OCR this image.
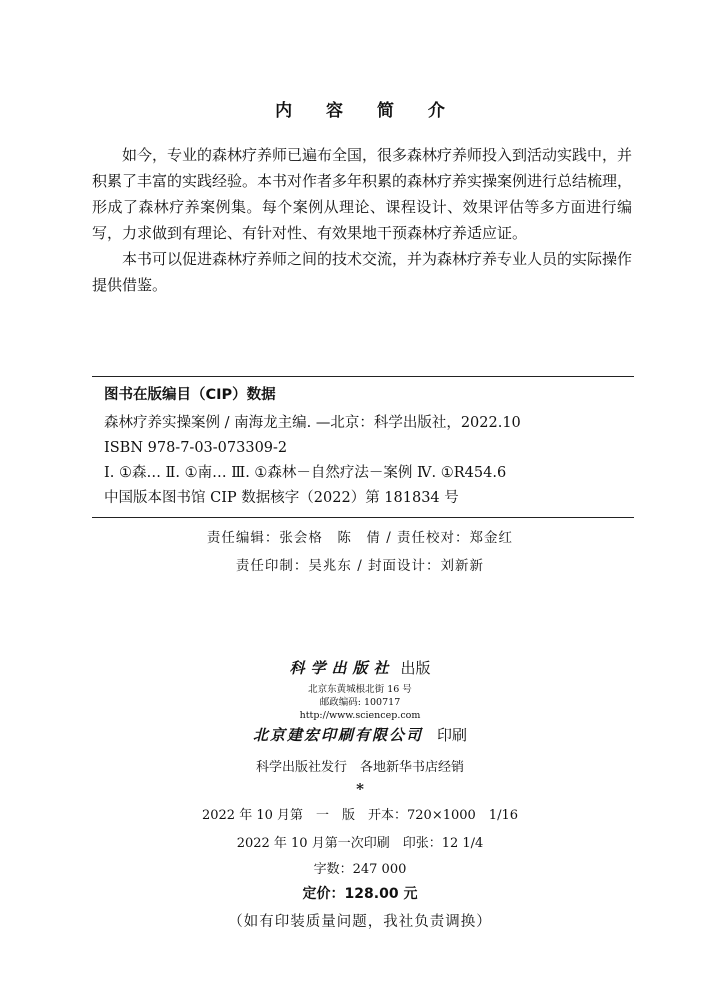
内 容 简 介

如今，专业的森林疗养师已遍布全国，很多森林疗养师投入到活动实践中，并积累了丰富的实践经验。本书对作者多年积累的森林疗养实操案例进行总结梳理，形成了森林疗养案例集。每个案例从理论、课程设计、效果评估等多方面进行编写，力求做到有理论、有针对性、有效果地干预森林疗养适应证。

本书可以促进森林疗养师之间的技术交流，并为森林疗养专业人员的实际操作提供借鉴。

图书在版编目（CIP）数据
森林疗养实操案例 / 南海龙主编. —北京：科学出版社，2022.10
ISBN 978-7-03-073309-2
Ⅰ. ①森… Ⅱ. ①南… Ⅲ. ①森林－自然疗法－案例 Ⅳ. ①R454.6
中国版本图书馆 CIP 数据核字（2022）第 181834 号
责任编辑：张会格　陈　倩 / 责任校对：郑金红
责任印制：吴兆东 / 封面设计：刘新新
科学出版社 出版
北京东黄城根北街 16 号
邮政编码: 100717
http://www.sciencep.com
北京建宏印刷有限公司 印刷
科学出版社发行　各地新华书店经销
*
2022 年 10 月第　一　版　开本：720×1000　1/16
2022 年 10 月第一次印刷　印张：12 1/4
字数：247 000
定价：128.00 元
（如有印装质量问题，我社负责调换）
